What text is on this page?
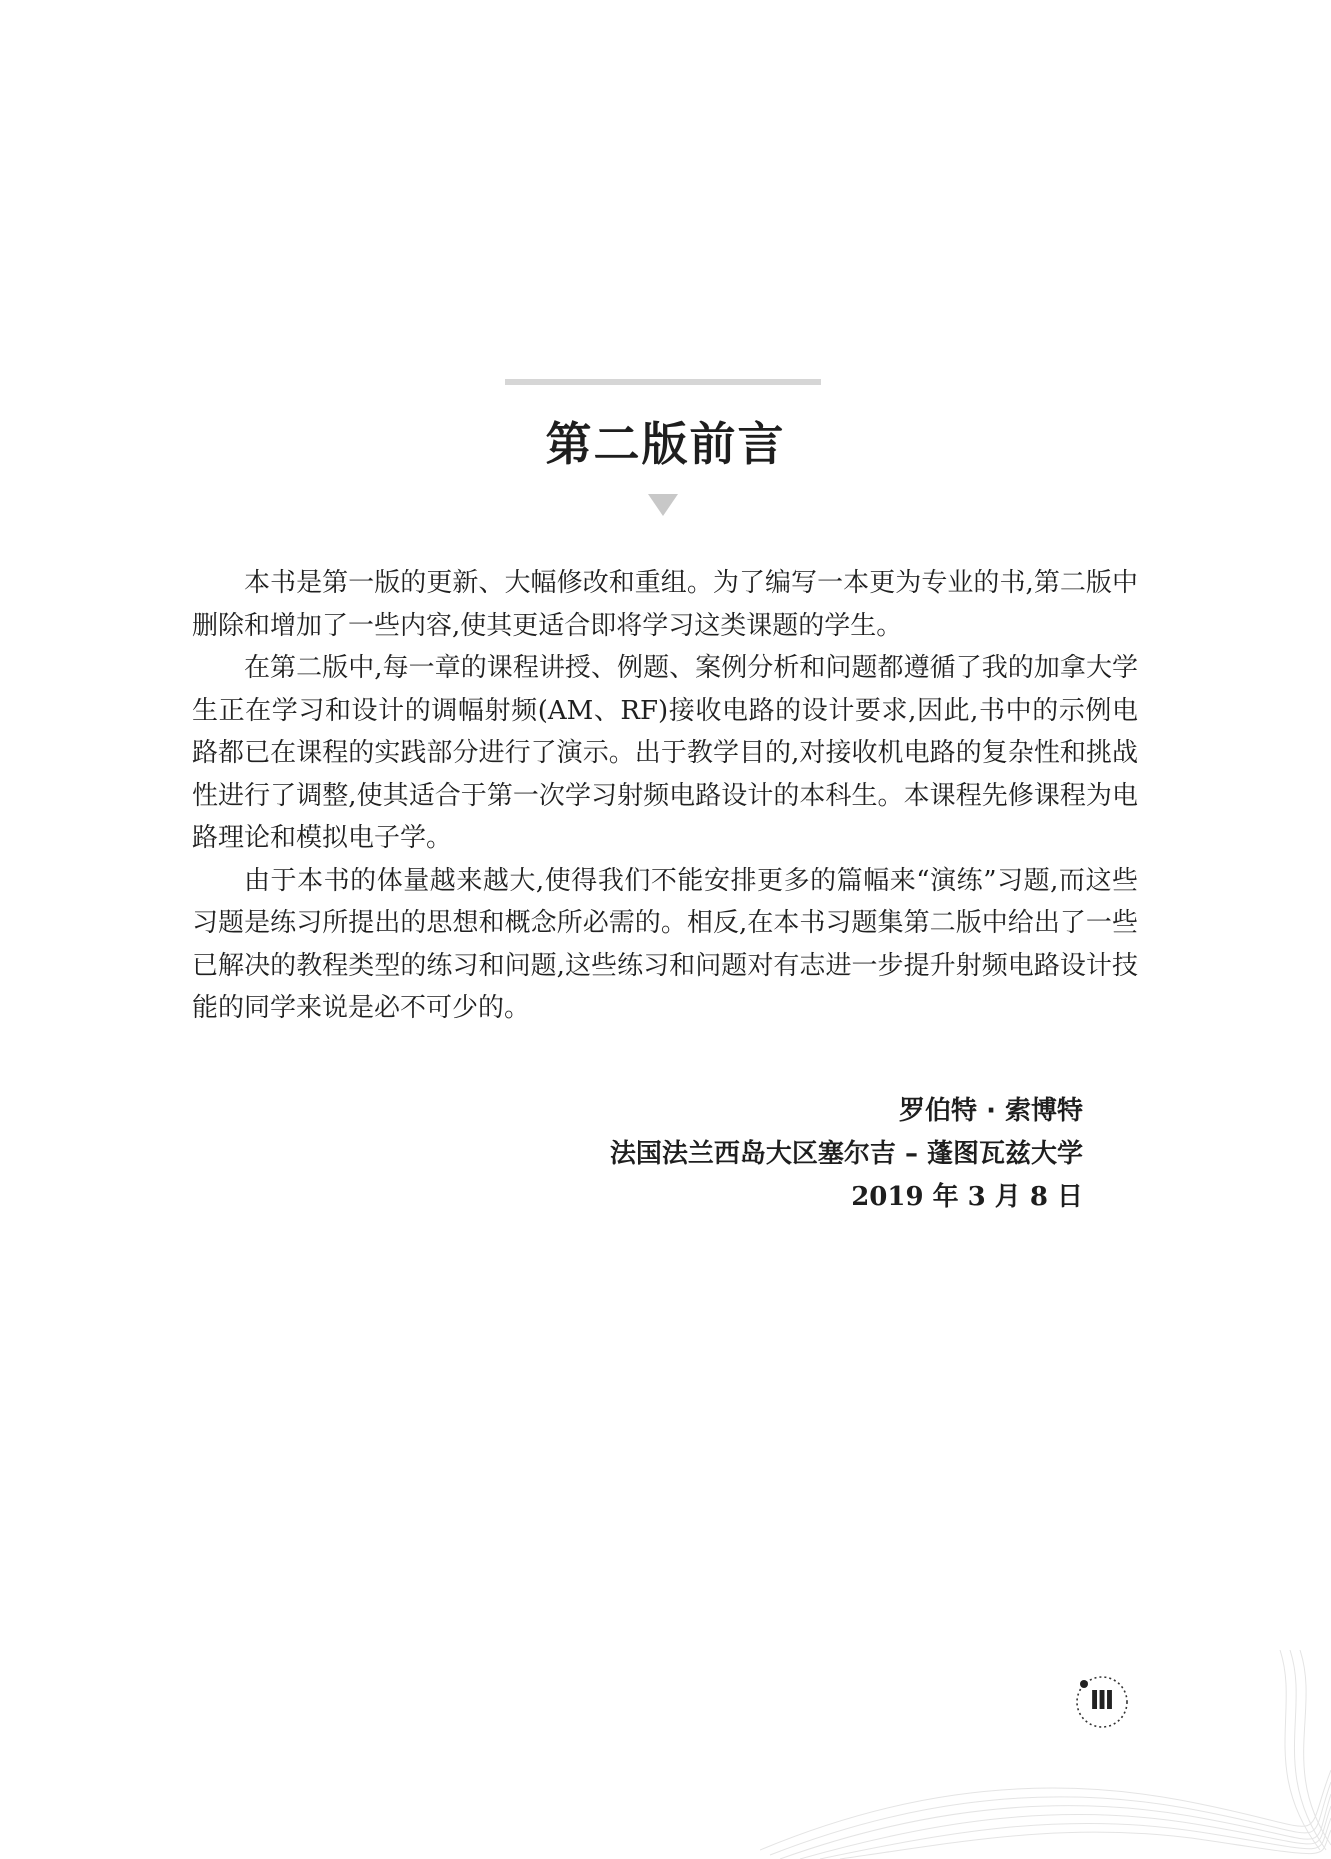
第二版前言

本书是第一版的更新、大幅修改和重组。为了编写一本更为专业的书,第二版中删除和增加了一些内容,使其更适合即将学习这类课题的学生。

在第二版中,每一章的课程讲授、例题、案例分析和问题都遵循了我的加拿大学生正在学习和设计的调幅射频(AM、RF)接收电路的设计要求,因此,书中的示例电路都已在课程的实践部分进行了演示。出于教学目的,对接收机电路的复杂性和挑战性进行了调整,使其适合于第一次学习射频电路设计的本科生。本课程先修课程为电路理论和模拟电子学。

由于本书的体量越来越大,使得我们不能安排更多的篇幅来“演练”习题,而这些习题是练习所提出的思想和概念所必需的。相反,在本书习题集第二版中给出了一些已解决的教程类型的练习和问题,这些练习和问题对有志进一步提升射频电路设计技能的同学来说是必不可少的。

罗伯特 · 索博特
法国法兰西岛大区塞尔吉 – 蓬图瓦兹大学
2019 年 3 月 8 日
Ⅲ
